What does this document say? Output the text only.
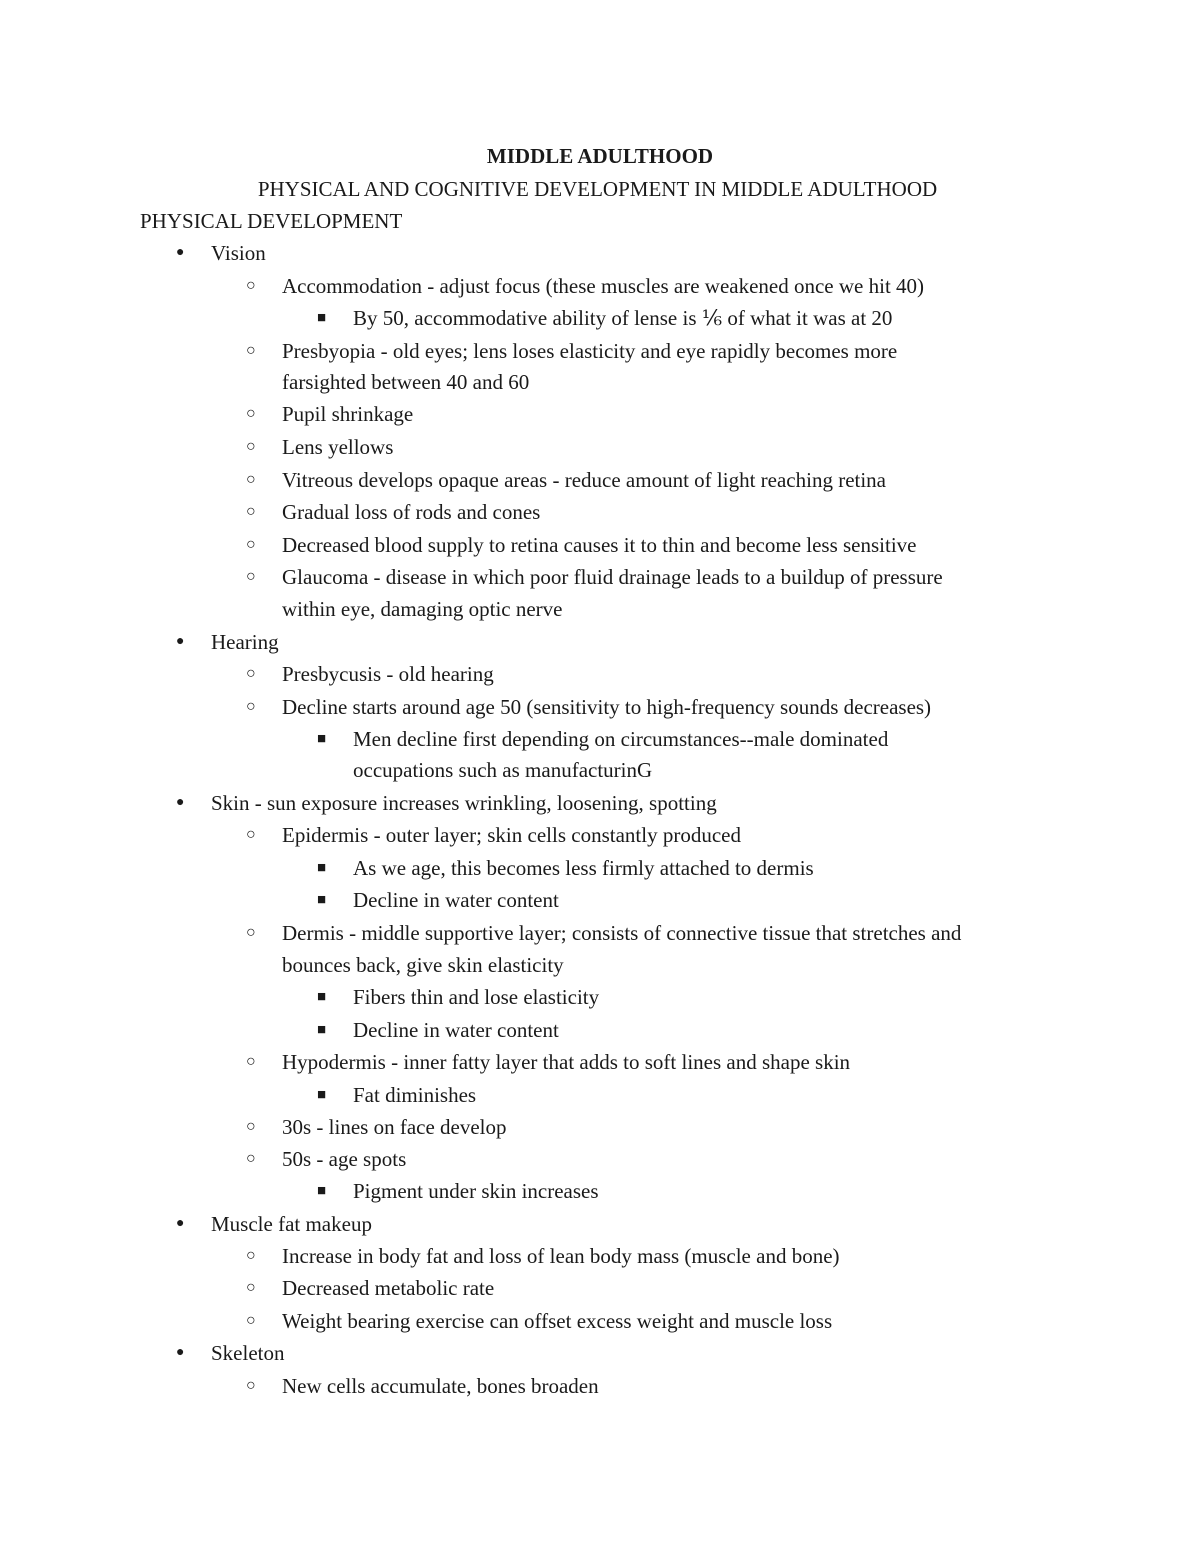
MIDDLE ADULTHOOD
PHYSICAL AND COGNITIVE DEVELOPMENT IN MIDDLE ADULTHOOD
PHYSICAL DEVELOPMENT
● Vision
○ Accommodation - adjust focus (these muscles are weakened once we hit 40)
■ By 50, accommodative ability of lense is ⅙ of what it was at 20
○ Presbyopia - old eyes; lens loses elasticity and eye rapidly becomes more
farsighted between 40 and 60
○ Pupil shrinkage
○ Lens yellows
○ Vitreous develops opaque areas - reduce amount of light reaching retina
○ Gradual loss of rods and cones
○ Decreased blood supply to retina causes it to thin and become less sensitive
○ Glaucoma - disease in which poor fluid drainage leads to a buildup of pressure
within eye, damaging optic nerve
● Hearing
○ Presbycusis - old hearing
○ Decline starts around age 50 (sensitivity to high-frequency sounds decreases)
■ Men decline first depending on circumstances--male dominated
occupations such as manufacturinG
● Skin - sun exposure increases wrinkling, loosening, spotting
○ Epidermis - outer layer; skin cells constantly produced
■ As we age, this becomes less firmly attached to dermis
■ Decline in water content
○ Dermis - middle supportive layer; consists of connective tissue that stretches and
bounces back, give skin elasticity
■ Fibers thin and lose elasticity
■ Decline in water content
○ Hypodermis - inner fatty layer that adds to soft lines and shape skin
■ Fat diminishes
○ 30s - lines on face develop
○ 50s - age spots
■ Pigment under skin increases
● Muscle fat makeup
○ Increase in body fat and loss of lean body mass (muscle and bone)
○ Decreased metabolic rate
○ Weight bearing exercise can offset excess weight and muscle loss
● Skeleton
○ New cells accumulate, bones broaden
